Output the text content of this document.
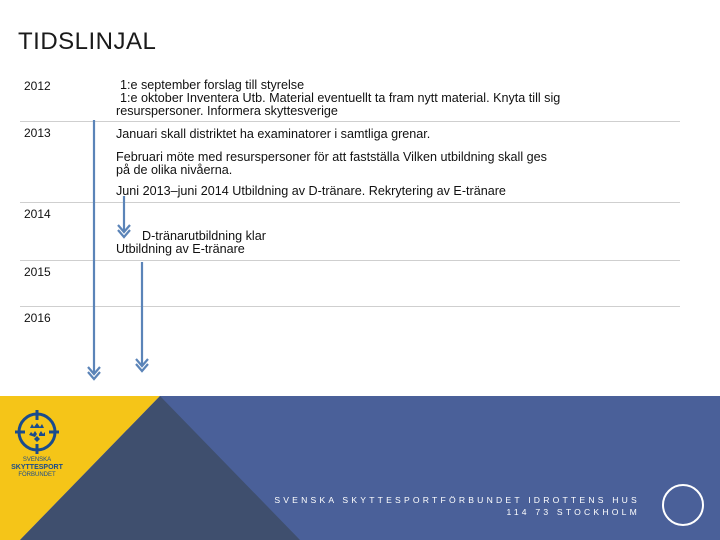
TIDSLINJAL
2012
2013
2014
2015
2016
1:e september forslag till styrelse
1:e oktober Inventera Utb. Material eventuellt ta fram nytt material. Knyta till sig
resurspersoner. Informera skyttesverige
Januari skall distriktet ha examinatorer i samtliga grenar.
Februari möte med resurspersoner för att fastställa Vilken utbildning skall ges
på de olika nivåerna.
Juni 2013–juni 2014 Utbildning av D-tränare. Rekrytering av E-tränare
D-tränarutbildning klar
Utbildning av E-tränare
SVENSKA
SKYTTESPORT
FÖRBUNDET
SVENSKA SKYTTESPORTFÖRBUNDET IDROTTENS HUS
114 73 STOCKHOLM
